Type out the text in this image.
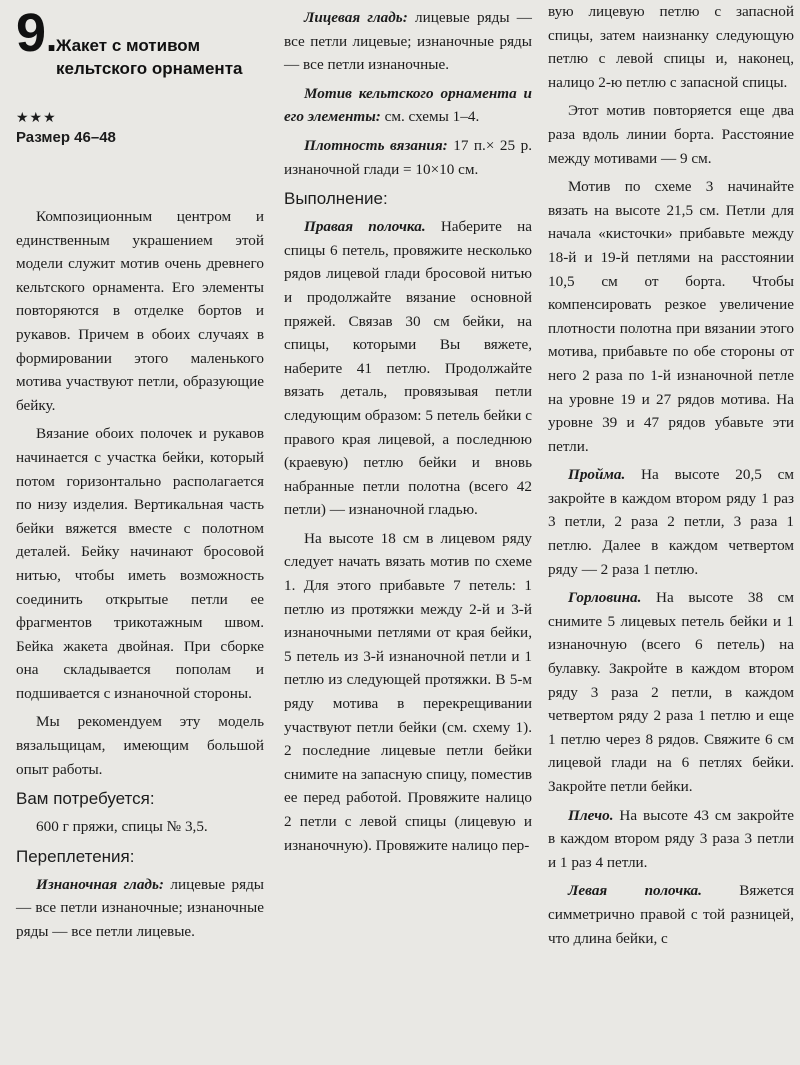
9.
Жакет с мотивом
кельтского орнамента
★★★
Размер 46–48

Композиционным центром и единственным украшением этой модели служит мотив очень древнего кельтского орнамента. Его элементы повторяются в отделке бортов и рукавов. Причем в обоих случаях в формировании этого маленького мотива участвуют петли, образующие бейку.

Вязание обоих полочек и рукавов начинается с участка бейки, который потом горизонтально располагается по низу изделия. Вертикальная часть бейки вяжется вместе с полотном деталей. Бейку начинают бросовой нитью, чтобы иметь возможность соединить открытые петли ее фрагментов трикотажным швом. Бейка жакета двойная. При сборке она складывается пополам и подшивается с изнаночной стороны.

Мы рекомендуем эту модель вязальщицам, имеющим большой опыт работы.

Вам потребуется:

600 г пряжи, спицы № 3,5.

Переплетения:

Изнаночная гладь: лицевые ряды — все петли изнаночные; изнаночные ряды — все петли лицевые.

Лицевая гладь: лицевые ряды — все петли лицевые; изнаночные ряды — все петли изнаночные.

Мотив кельтского орнамента и его элементы: см. схемы 1–4.

Плотность вязания: 17 п.× 25 р. изнаночной глади = 10×10 см.

Выполнение:

Правая полочка. Наберите на спицы 6 петель, провяжите несколько рядов лицевой глади бросовой нитью и продолжайте вязание основной пряжей. Связав 30 см бейки, на спицы, которыми Вы вяжете, наберите 41 петлю. Продолжайте вязать деталь, провязывая петли следующим образом: 5 петель бейки с правого края лицевой, а последнюю (краевую) петлю бейки и вновь набранные петли полотна (всего 42 петли) — изнаночной гладью.

На высоте 18 см в лицевом ряду следует начать вязать мотив по схеме 1. Для этого прибавьте 7 петель: 1 петлю из протяжки между 2-й и 3-й изнаночными петлями от края бейки, 5 петель из 3-й изнаночной петли и 1 петлю из следующей протяжки. В 5-м ряду мотива в перекрещивании участвуют петли бейки (см. схему 1). 2 последние лицевые петли бейки снимите на запасную спицу, поместив ее перед работой. Провяжите налицо 2 петли с левой спицы (лицевую и изнаночную). Провяжите налицо пер-

вую лицевую петлю с запасной спицы, затем наизнанку следующую петлю с левой спицы и, наконец, налицо 2-ю петлю с запасной спицы.

Этот мотив повторяется еще два раза вдоль линии борта. Расстояние между мотивами — 9 см.

Мотив по схеме 3 начинайте вязать на высоте 21,5 см. Петли для начала «кисточки» прибавьте между 18-й и 19-й петлями на расстоянии 10,5 см от борта. Чтобы компенсировать резкое увеличение плотности полотна при вязании этого мотива, прибавьте по обе стороны от него 2 раза по 1-й изнаночной петле на уровне 19 и 27 рядов мотива. На уровне 39 и 47 рядов убавьте эти петли.

Пройма. На высоте 20,5 см закройте в каждом втором ряду 1 раз 3 петли, 2 раза 2 петли, 3 раза 1 петлю. Далее в каждом четвертом ряду — 2 раза 1 петлю.

Горловина. На высоте 38 см снимите 5 лицевых петель бейки и 1 изнаночную (всего 6 петель) на булавку. Закройте в каждом втором ряду 3 раза 2 петли, в каждом четвертом ряду 2 раза 1 петлю и еще 1 петлю через 8 рядов. Свяжите 6 см лицевой глади на 6 петлях бейки. Закройте петли бейки.

Плечо. На высоте 43 см закройте в каждом втором ряду 3 раза 3 петли и 1 раз 4 петли.

Левая полочка. Вяжется симметрично правой с той разницей, что длина бейки, с
